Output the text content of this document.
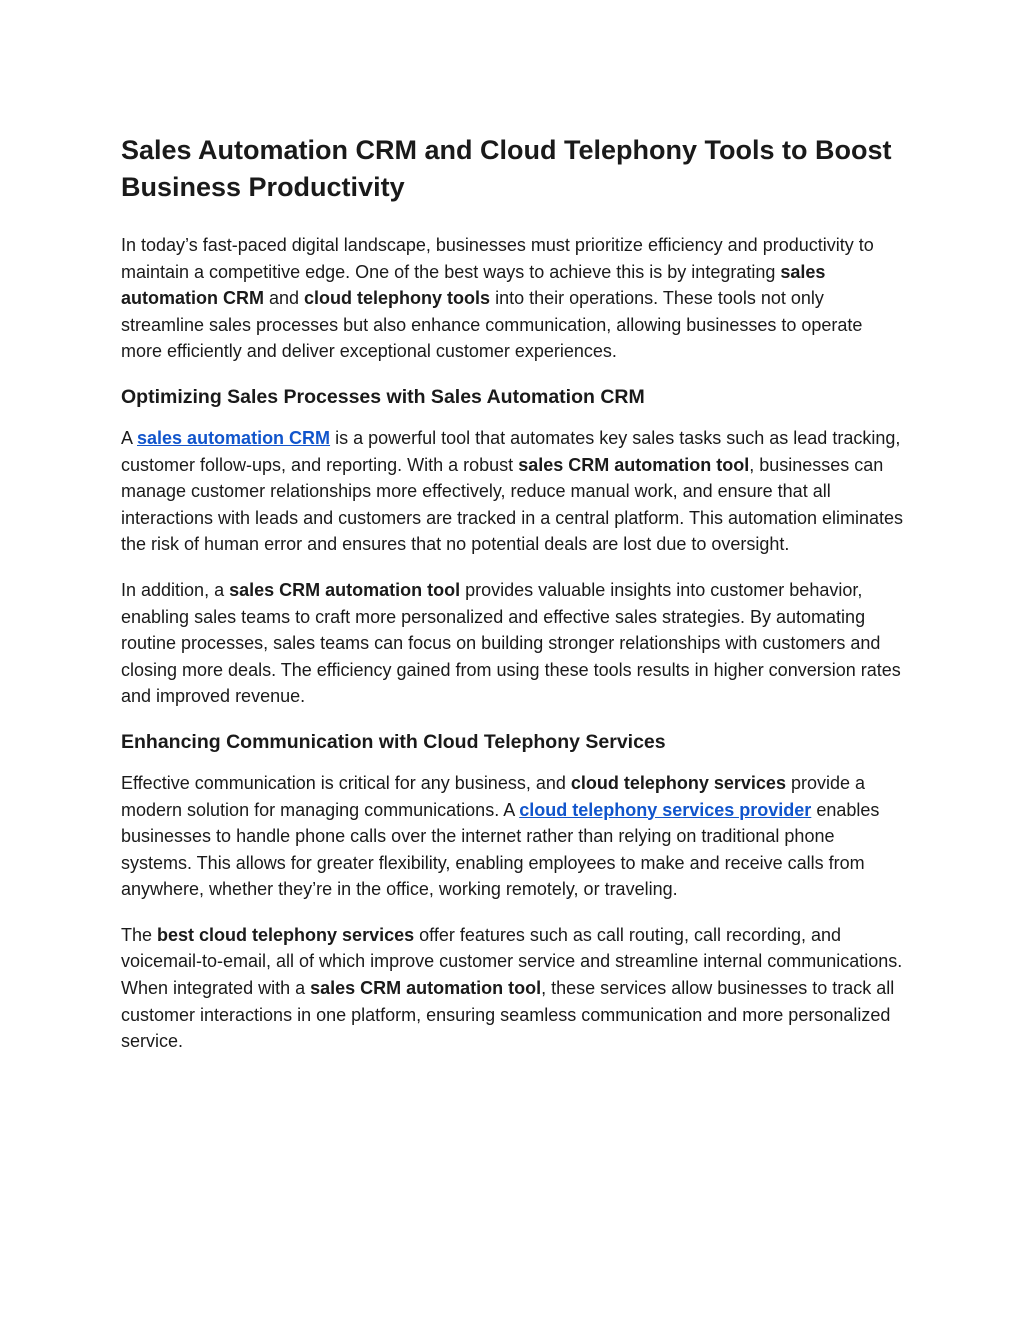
Sales Automation CRM and Cloud Telephony Tools to Boost Business Productivity

In today’s fast-paced digital landscape, businesses must prioritize efficiency and productivity to maintain a competitive edge. One of the best ways to achieve this is by integrating sales automation CRM and cloud telephony tools into their operations. These tools not only streamline sales processes but also enhance communication, allowing businesses to operate more efficiently and deliver exceptional customer experiences.

Optimizing Sales Processes with Sales Automation CRM

A sales automation CRM is a powerful tool that automates key sales tasks such as lead tracking, customer follow-ups, and reporting. With a robust sales CRM automation tool, businesses can manage customer relationships more effectively, reduce manual work, and ensure that all interactions with leads and customers are tracked in a central platform. This automation eliminates the risk of human error and ensures that no potential deals are lost due to oversight.

In addition, a sales CRM automation tool provides valuable insights into customer behavior, enabling sales teams to craft more personalized and effective sales strategies. By automating routine processes, sales teams can focus on building stronger relationships with customers and closing more deals. The efficiency gained from using these tools results in higher conversion rates and improved revenue.

Enhancing Communication with Cloud Telephony Services

Effective communication is critical for any business, and cloud telephony services provide a modern solution for managing communications. A cloud telephony services provider enables businesses to handle phone calls over the internet rather than relying on traditional phone systems. This allows for greater flexibility, enabling employees to make and receive calls from anywhere, whether they’re in the office, working remotely, or traveling.

The best cloud telephony services offer features such as call routing, call recording, and voicemail-to-email, all of which improve customer service and streamline internal communications. When integrated with a sales CRM automation tool, these services allow businesses to track all customer interactions in one platform, ensuring seamless communication and more personalized service.
